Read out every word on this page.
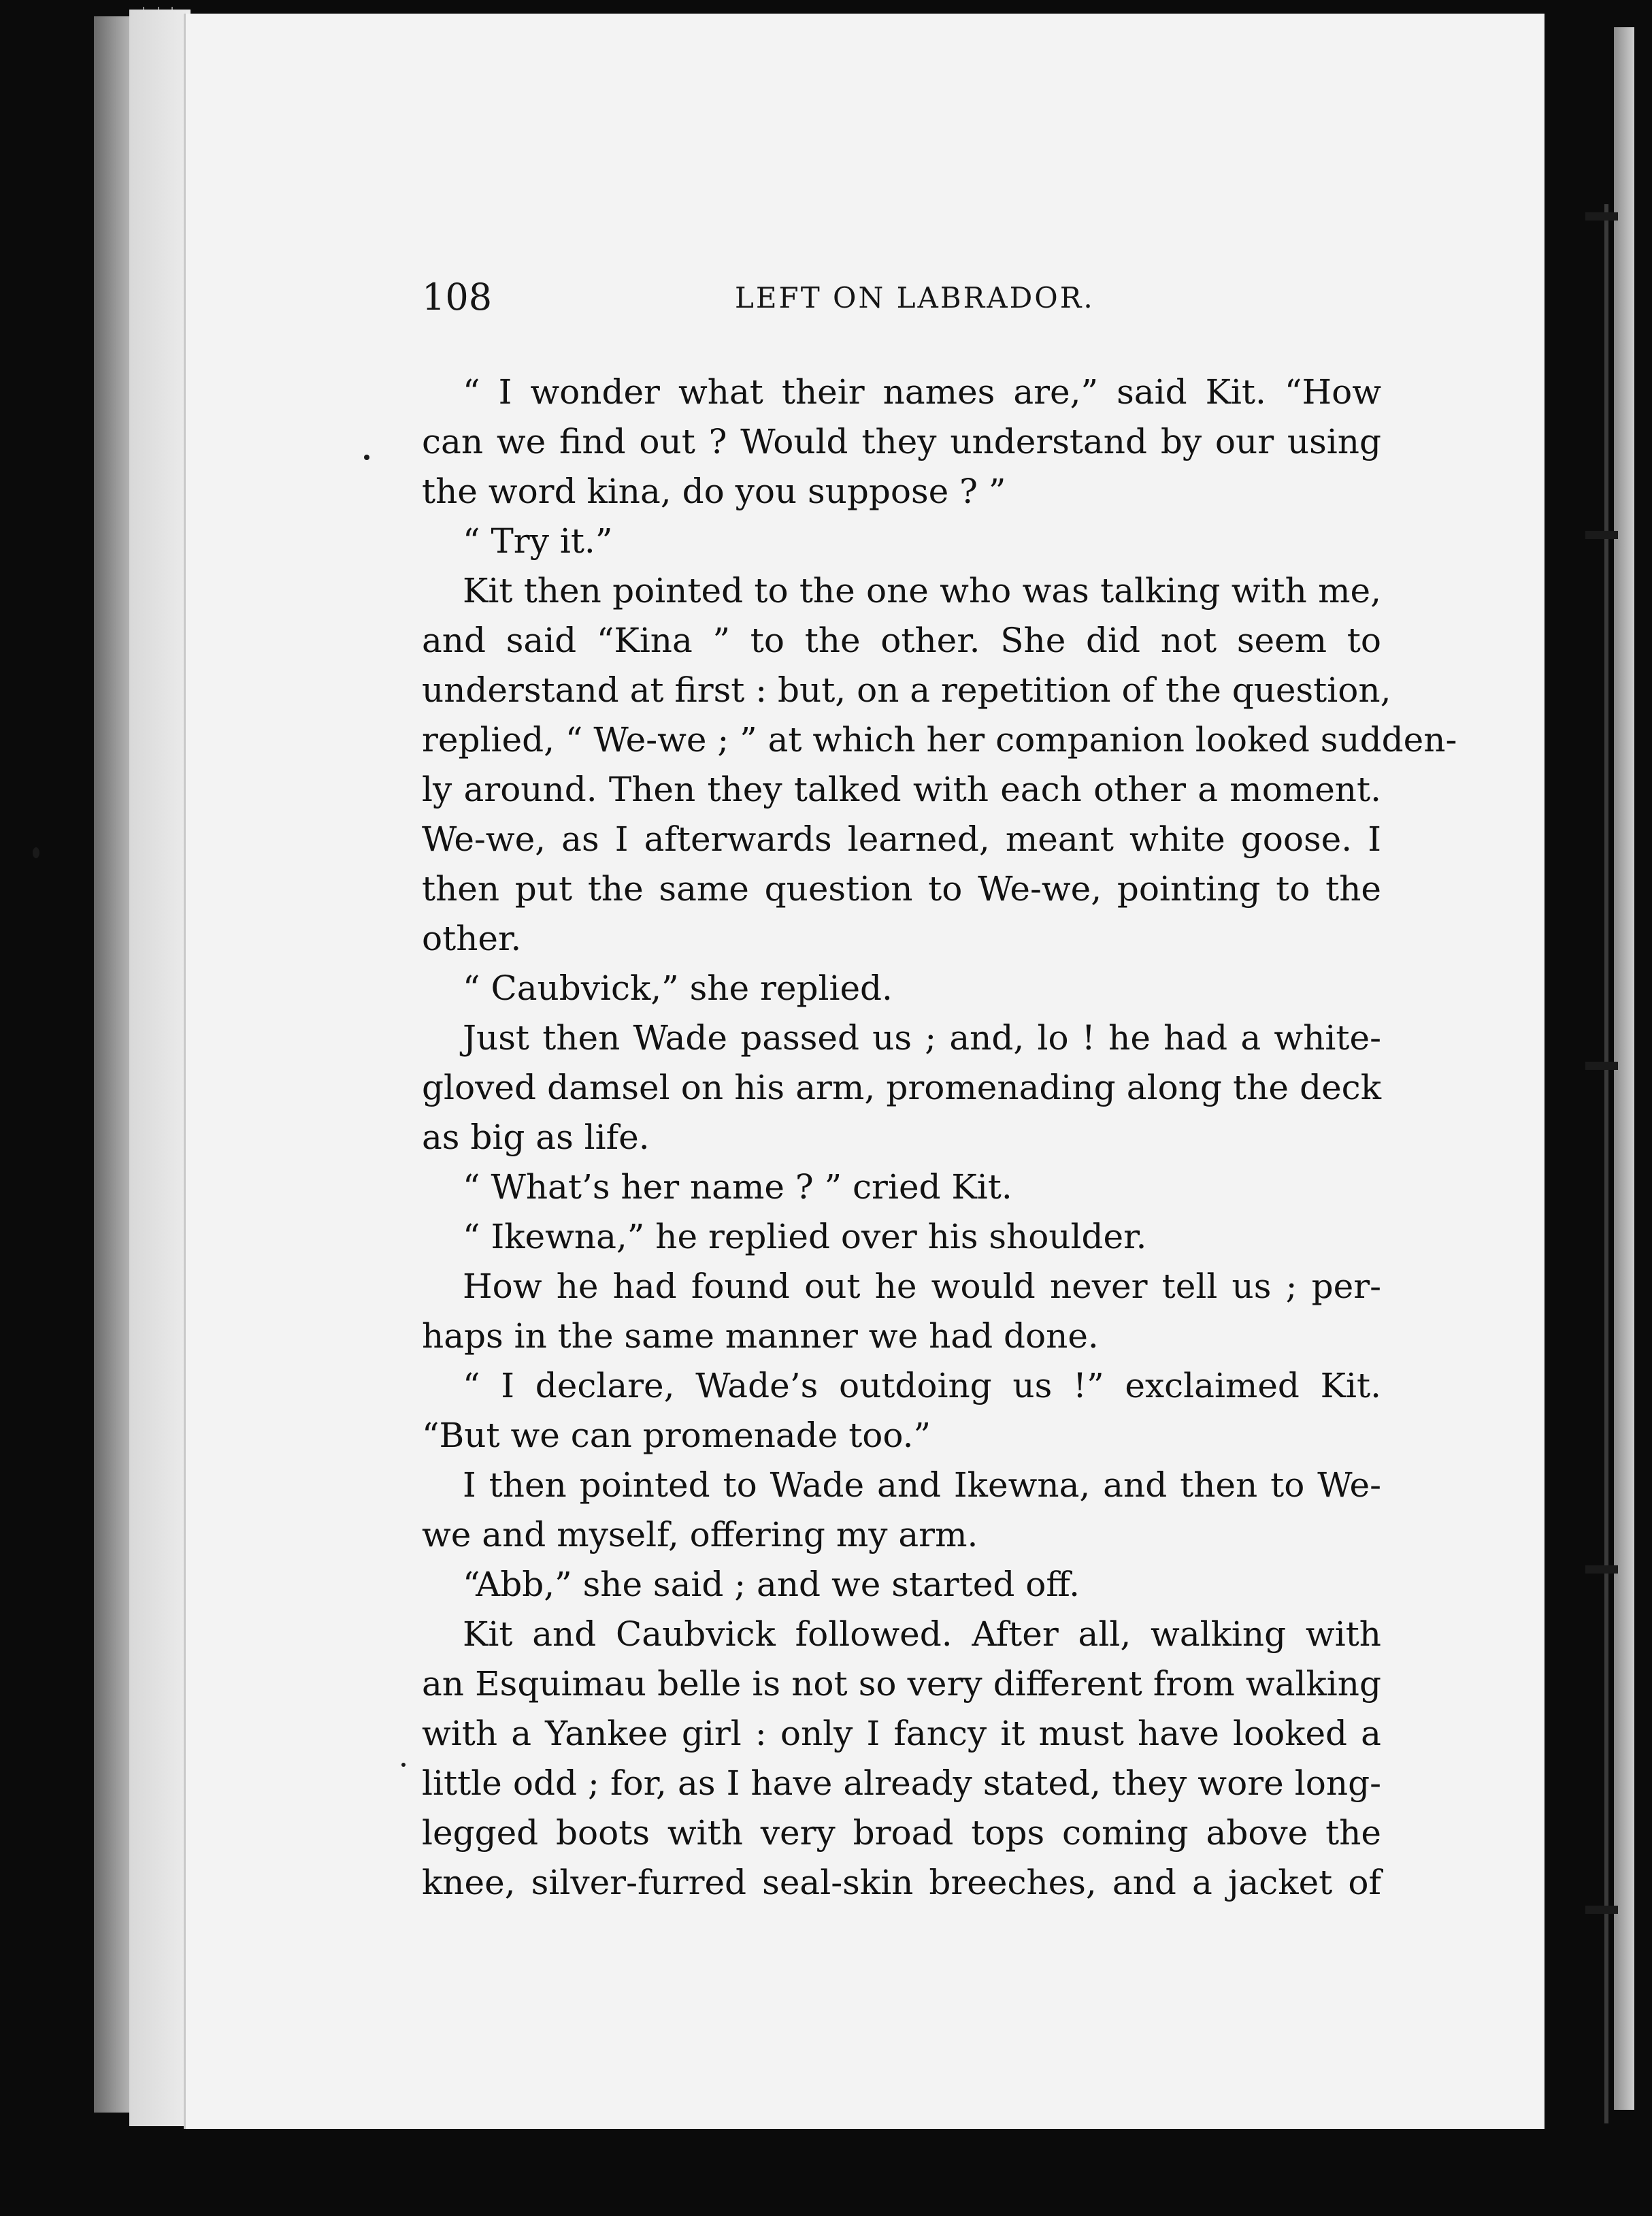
108	LEFT ON LABRADOR.
“ I wonder what their names are,” said Kit. “How
can we find out ? Would they understand by our using
the word kina, do you suppose ? ”
“ Try it.”
Kit then pointed to the one who was talking with me,
and said “Kina ” to the other. She did not seem to
understand at first : but, on a repetition of the question,
replied, “ We-we ; ” at which her companion looked sudden-
ly around. Then they talked with each other a moment.
We-we, as I afterwards learned, meant white goose. I
then put the same question to We-we, pointing to the
other.
“ Caubvick,” she replied.
Just then Wade passed us ; and, lo ! he had a white-
gloved damsel on his arm, promenading along the deck
as big as life.
“ What’s her name ? ” cried Kit.
“ Ikewna,” he replied over his shoulder.
How he had found out he would never tell us ; per-
haps in the same manner we had done.
“ I declare, Wade’s outdoing us !” exclaimed Kit.
“But we can promenade too.”
I then pointed to Wade and Ikewna, and then to We-
we and myself, offering my arm.
“Abb,” she said ; and we started off.
Kit and Caubvick followed. After all, walking with
an Esquimau belle is not so very different from walking
with a Yankee girl : only I fancy it must have looked a
little odd ; for, as I have already stated, they wore long-
legged boots with very broad tops coming above the
knee, silver-furred seal-skin breeches, and a jacket of
